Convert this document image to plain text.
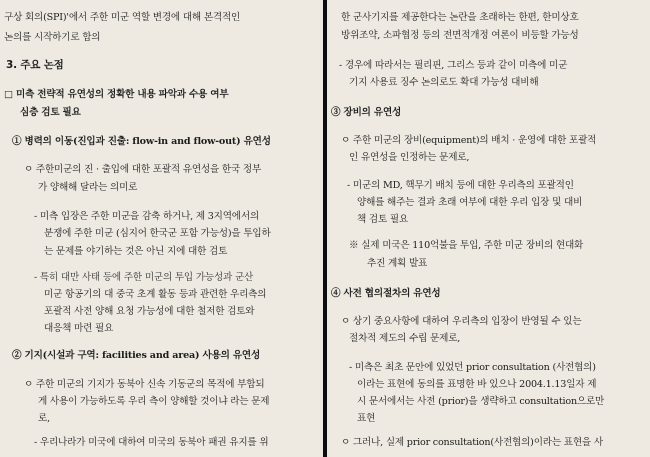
구상 회의(SPI)'에서 주한 미군 역할 변경에 대해 본격적인
논의를 시작하기로 합의
3. 주요 논점
□ 미측 전략적 유연성의 정확한 내용 파악과 수용 여부
심층 검토 필요
① 병력의 이동(진입과 진출: flow-in and flow-out) 유연성
ㅇ 주한미군의 진 · 출입에 대한 포괄적 유연성을 한국 정부
가 양해해 달라는 의미로
- 미측 입장은 주한 미군을 감축 하거나, 제 3지역에서의
분쟁에 주한 미군 (심지어 한국군 포함 가능성)을 투입하
는 문제를 야기하는 것은 아닌 지에 대한 검토
- 특히 대만 사태 등에 주한 미군의 투입 가능성과 군산
미군 항공기의 대 중국 초계 활동 등과 관련한 우리측의
포괄적 사전 양해 요청 가능성에 대한 철저한 검토와
대응책 마련 필요
② 기지(시설과 구역: facilities and area) 사용의 유연성
ㅇ 주한 미군의 기지가 동북아 신속 기동군의 목적에 부합되
게 사용이 가능하도록 우리 측이 양해할 것이냐 라는 문제
로,
- 우리나라가 미국에 대하여 미국의 동북아 패권 유지를 위
한 군사기지를 제공한다는 논란을 초래하는 한편, 한미상호
방위조약, 소파협정 등의 전면적개정 여론이 비등할 가능성
- 경우에 따라서는 필리핀, 그리스 등과 같이 미측에 미군
기지 사용료 징수 논의로도 확대 가능성 대비해
③ 장비의 유연성
ㅇ 주한 미군의 장비(equipment)의 배치 · 운영에 대한 포괄적
인 유연성을 인정하는 문제로,
- 미군의 MD, 핵무기 배치 등에 대한 우리측의 포괄적인
양해를 해주는 결과 초래 여부에 대한 우리 입장 및 대비
책 검토 필요
※ 실제 미국은 110억불을 투입, 주한 미군 장비의 현대화
추진 계획 발표
④ 사전 협의절차의 유연성
ㅇ 상기 중요사항에 대하여 우리측의 입장이 반영될 수 있는
절차적 제도의 수립 문제로,
- 미측은 최초 문안에 있었던 prior consultation (사전협의)
이라는 표현에 동의를 표명한 바 있으나 2004.1.13일자 제
시 문서에서는 사전 (prior)을 생략하고 consultation으로만
표현
ㅇ 그러나, 실제 prior consultation(사전협의)이라는 표현을 사
